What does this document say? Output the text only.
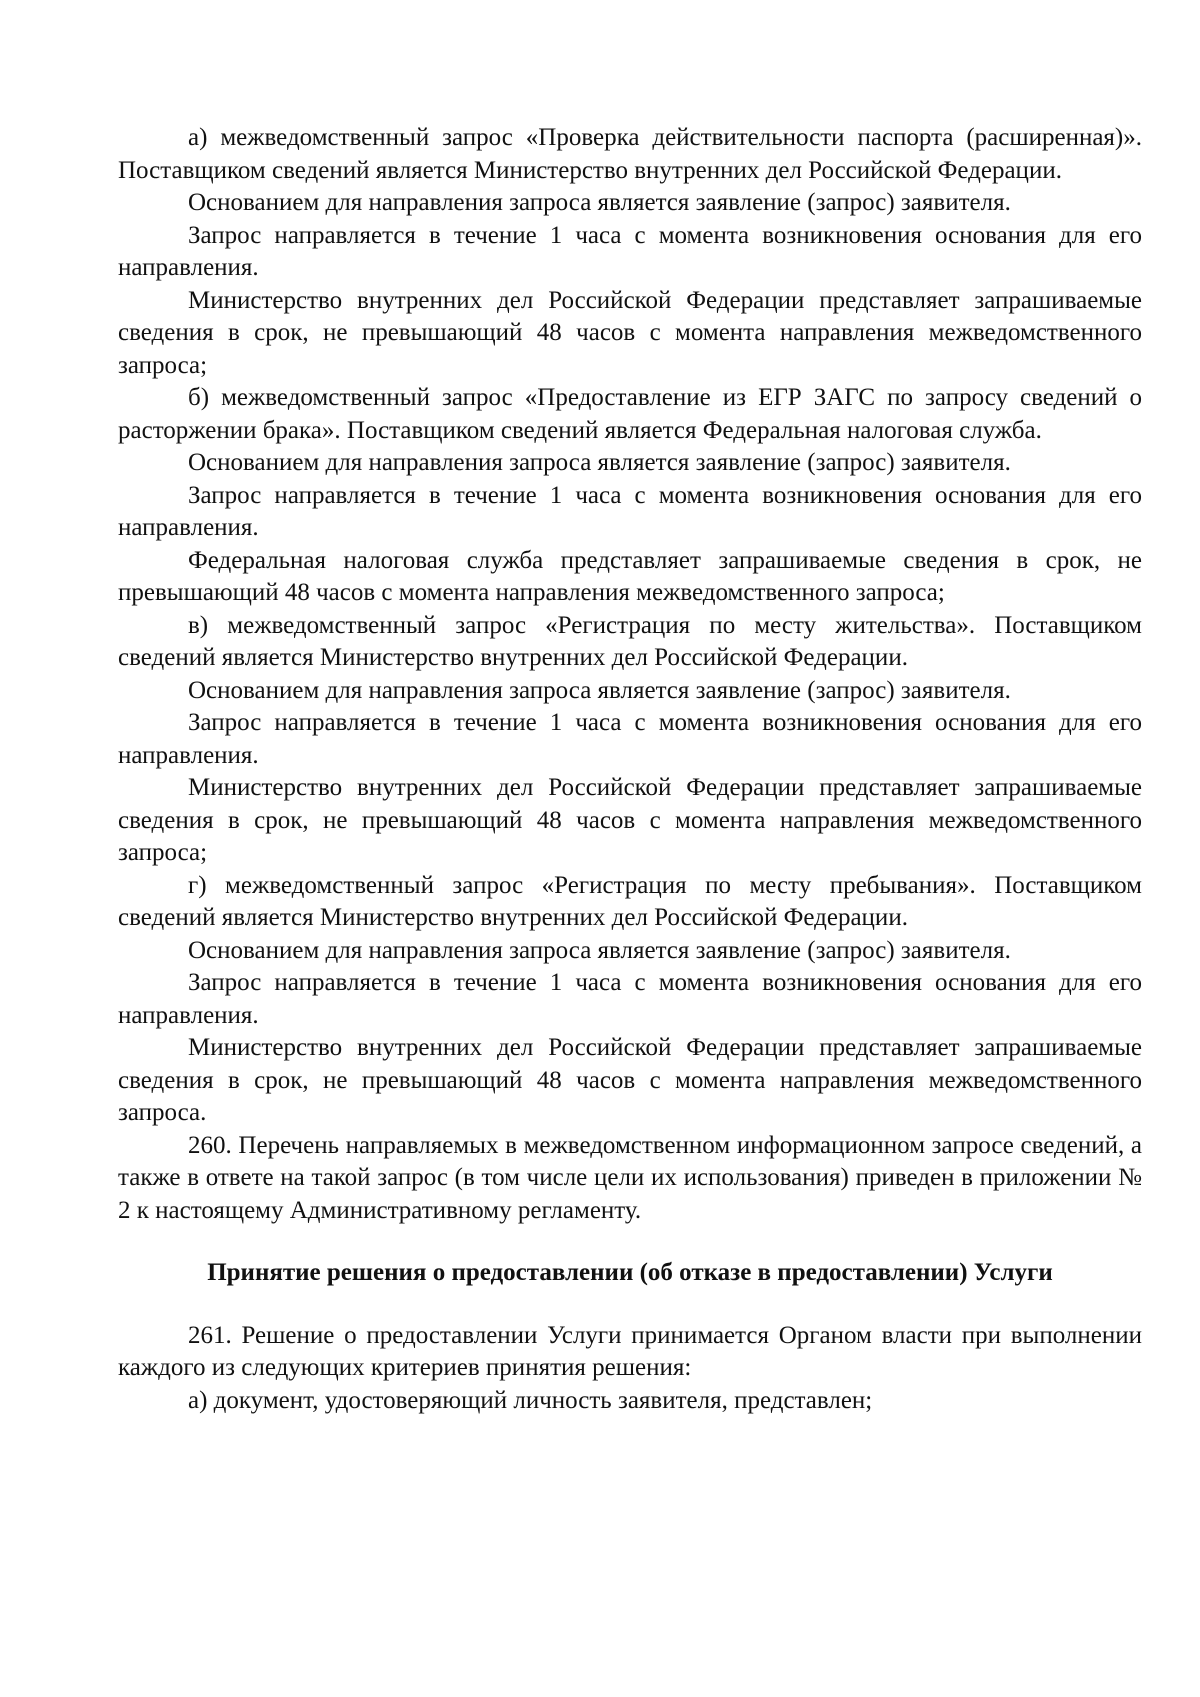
а) межведомственный запрос «Проверка действительности паспорта (расширенная)». Поставщиком сведений является Министерство внутренних дел Российской Федерации.

Основанием для направления запроса является заявление (запрос) заявителя.

Запрос направляется в течение 1 часа с момента возникновения основания для его направления.

Министерство внутренних дел Российской Федерации представляет запрашиваемые сведения в срок, не превышающий 48 часов с момента направления межведомственного запроса;

б) межведомственный запрос «Предоставление из ЕГР ЗАГС по запросу сведений о расторжении брака». Поставщиком сведений является Федеральная налоговая служба.

Основанием для направления запроса является заявление (запрос) заявителя.

Запрос направляется в течение 1 часа с момента возникновения основания для его направления.

Федеральная налоговая служба представляет запрашиваемые сведения в срок, не превышающий 48 часов с момента направления межведомственного запроса;

в) межведомственный запрос «Регистрация по месту жительства». Поставщиком сведений является Министерство внутренних дел Российской Федерации.

Основанием для направления запроса является заявление (запрос) заявителя.

Запрос направляется в течение 1 часа с момента возникновения основания для его направления.

Министерство внутренних дел Российской Федерации представляет запрашиваемые сведения в срок, не превышающий 48 часов с момента направления межведомственного запроса;

г) межведомственный запрос «Регистрация по месту пребывания». Поставщиком сведений является Министерство внутренних дел Российской Федерации.

Основанием для направления запроса является заявление (запрос) заявителя.

Запрос направляется в течение 1 часа с момента возникновения основания для его направления.

Министерство внутренних дел Российской Федерации представляет запрашиваемые сведения в срок, не превышающий 48 часов с момента направления межведомственного запроса.

260. Перечень направляемых в межведомственном информационном запросе сведений, а также в ответе на такой запрос (в том числе цели их использования) приведен в приложении № 2 к настоящему Административному регламенту.

Принятие решения о предоставлении (об отказе в предоставлении) Услуги

261. Решение о предоставлении Услуги принимается Органом власти при выполнении каждого из следующих критериев принятия решения:

а) документ, удостоверяющий личность заявителя, представлен;
